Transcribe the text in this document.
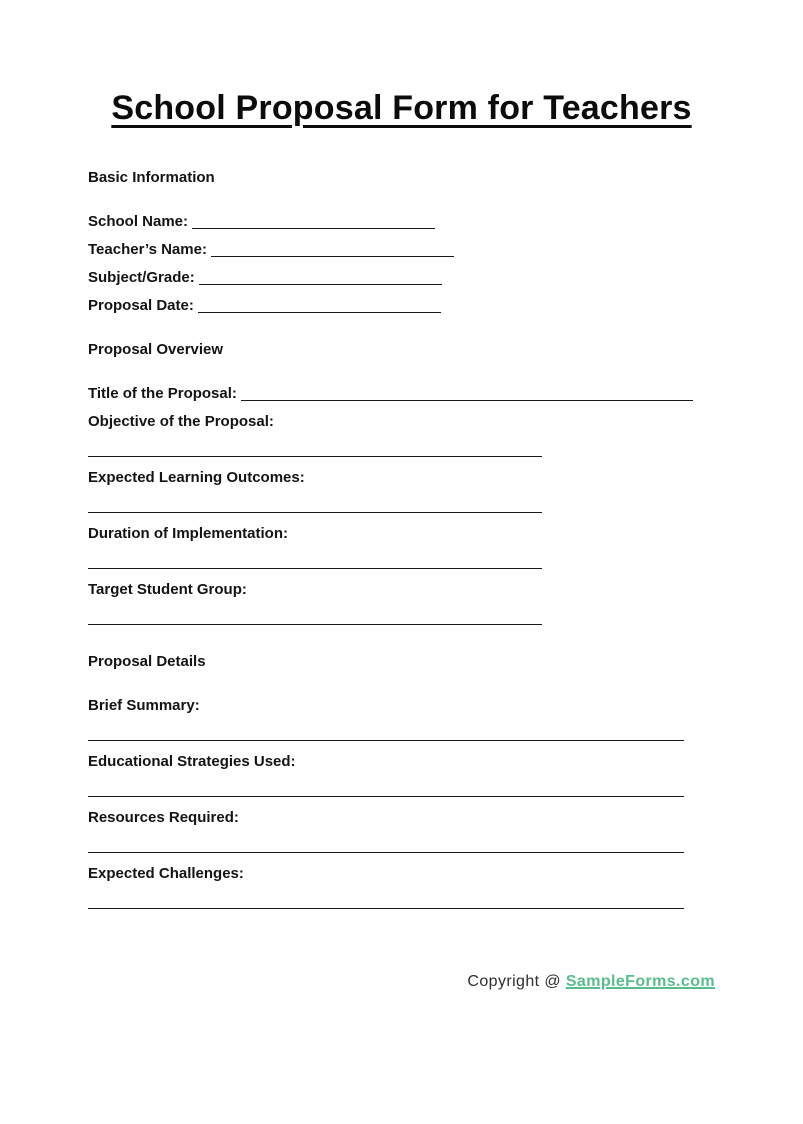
School Proposal Form for Teachers
Basic Information
School Name:
Teacher’s Name:
Subject/Grade:
Proposal Date:
Proposal Overview
Title of the Proposal:
Objective of the Proposal:
Expected Learning Outcomes:
Duration of Implementation:
Target Student Group:
Proposal Details
Brief Summary:
Educational Strategies Used:
Resources Required:
Expected Challenges:
Copyright @ SampleForms.com
